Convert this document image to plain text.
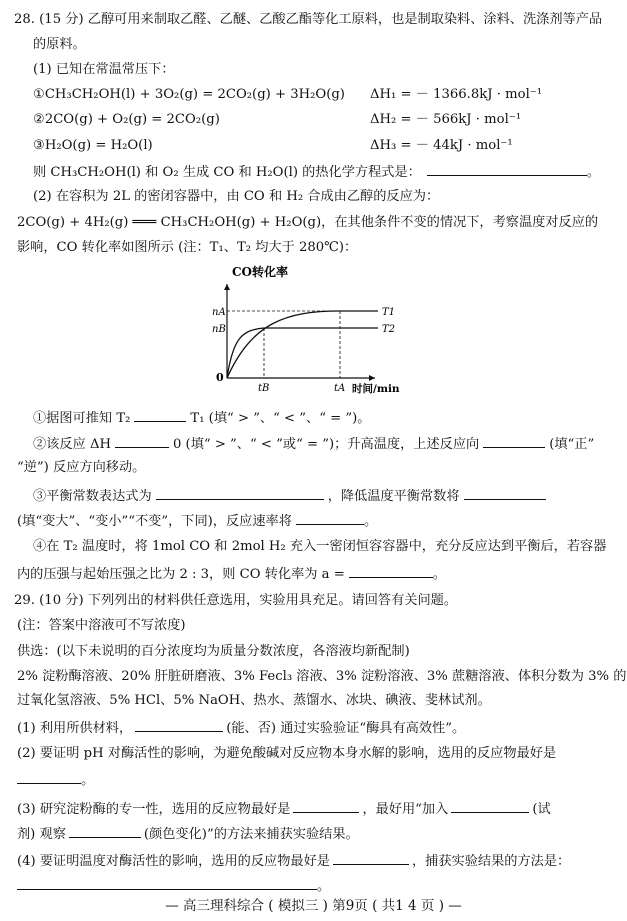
28. (15 分) 乙醇可用来制取乙醛、乙醚、乙酸乙酯等化工原料，也是制取染料、涂料、洗涤剂等产品
的原料。
(1) 已知在常温常压下：
①CH₃CH₂OH(l) + 3O₂(g) = 2CO₂(g) + 3H₂O(g) ΔH₁ = － 1366.8kJ · mol⁻¹
②2CO(g) + O₂(g) = 2CO₂(g)	ΔH₂ = － 566kJ · mol⁻¹
③H₂O(g) = H₂O(l)	ΔH₃ = － 44kJ · mol⁻¹
则 CH₃CH₂OH(l) 和 O₂ 生成 CO 和 H₂O(l) 的热化学方程式是：	。
(2) 在容积为 2L 的密闭容器中，由 CO 和 H₂ 合成由乙醇的反应为：
2CO(g) + 4H₂(g) ═══ CH₃CH₂OH(g) + H₂O(g)，在其他条件不变的情况下，考察温度对反应的
影响，CO 转化率如图所示 (注：T₁、T₂ 均大于 280℃)：
CO转化率
nA
nB
0
tB	tA 时间/min
T1
T2
①据图可推知 T₂	T₁ (填“ > ”、“ < ”、“ = ”)。
②该反应 ΔH	0 (填“ > ”、“ < ”或“ = ”)；升高温度，上述反应向	(填“正”
“逆”) 反应方向移动。
③平衡常数表达式为	，降低温度平衡常数将
(填“变大”、“变小”“不变”，下同)，反应速率将	。
④在 T₂ 温度时，将 1mol CO 和 2mol H₂ 充入一密闭恒容容器中，充分反应达到平衡后，若容器
内的压强与起始压强之比为 2 : 3，则 CO 转化率为 a =	。
29. (10 分) 下列列出的材料供任意选用，实验用具充足。请回答有关问题。
(注：答案中溶液可不写浓度)
供选：(以下未说明的百分浓度均为质量分数浓度，各溶液均新配制)
2% 淀粉酶溶液、20% 肝脏研磨液、3% Fecl₃ 溶液、3% 淀粉溶液、3% 蔗糖溶液、体积分数为 3% 的
过氧化氢溶液、5% HCl、5% NaOH、热水、蒸馏水、冰块、碘液、斐林试剂。
(1) 利用所供材料，	(能、否) 通过实验验证“酶具有高效性”。
(2) 要证明 pH 对酶活性的影响，为避免酸碱对反应物本身水解的影响，选用的反应物最好是
。
(3) 研究淀粉酶的专一性，选用的反应物最好是	，最好用“加入	(试
剂) 观察	(颜色变化)”的方法来捕获实验结果。
(4) 要证明温度对酶活性的影响，选用的反应物最好是	，捕获实验结果的方法是：
。
— 高三理科综合 ( 模拟三 ) 第9页 ( 共1 4 页 ) —
